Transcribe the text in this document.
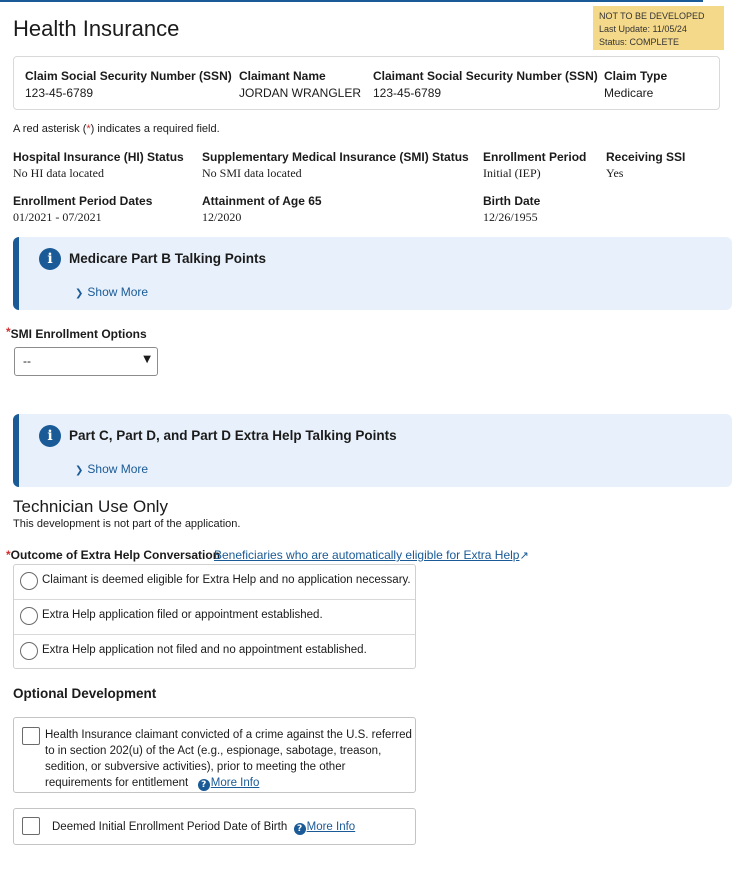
Health Insurance	NOT TO BE DEVELOPED
Last Update: 11/05/24
Status: COMPLETE
Claim Social Security Number (SSN)
123-45-6789
Claimant Name
JORDAN WRANGLER
Claimant Social Security Number (SSN)
123-45-6789
Claim Type
Medicare
A red asterisk (*) indicates a required field.
Hospital Insurance (HI) Status
No HI data located
Supplementary Medical Insurance (SMI) Status
No SMI data located
Enrollment Period
Initial (IEP)
Receiving SSI
Yes
Enrollment Period Dates
01/2021 - 07/2021
Attainment of Age 65
12/2020
Birth Date
12/26/1955
i	Medicare Part B Talking Points
❯ Show More
*SMI Enrollment Options
--	▼
i	Part C, Part D, and Part D Extra Help Talking Points
❯ Show More
Technician Use Only
This development is not part of the application.
*Outcome of Extra Help Conversation
Beneficiaries who are automatically eligible for Extra Help↗
Claimant is deemed eligible for Extra Help and no application necessary.
Extra Help application filed or appointment established.
Extra Help application not filed and no appointment established.
Optional Development
Health Insurance claimant convicted of a crime against the U.S. referred
to in section 202(u) of the Act (e.g., espionage, sabotage, treason,
sedition, or subversive activities), prior to meeting the other
requirements for entitlement ? More Info
Deemed Initial Enrollment Period Date of Birth ? More Info
